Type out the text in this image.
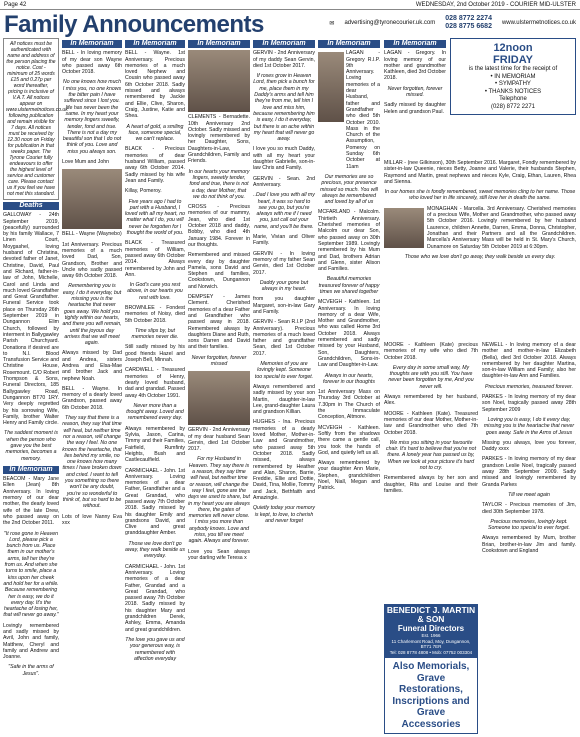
Page 42	WEDNESDAY, 2nd October 2019 - COURIER MID-ULSTER
Family Announcements	✉ advertising@tyronecourier.uk.com
028 8772 2274
028 8775 6682 www.ulstermetnotices.co.uk
All notices must be authenticated with name and address of the person placing the notice. Cost - minimum of 25 words £15 and 0.27p per word thereafter, pricing is inclusive of V.A.T. All notices appear on www.ulstermetnotices.co.uk following publication and remain visible for 7 days. All notices must be received by 12.30 noon on Friday for publication in that weeks paper. The Tyrone Courier fully endeavours to offer the highest level of service and customer care. Please contact us if you feel we have not met this standard.
Deaths
GALLOWAY - 24th September 2019, (peacefully) surrounded by his family Wallace, 7 Linen Court, Moygashel, loving husband of Christina, devoted father of Janet, Christine, David, Paul and Richard, father-in-law of John, Michelle, Carol and Linda and much loved Grandfather and Great Grandfather. Funeral Service took place on Thursday 26th September 2019 in Dungannon Elim Church, followed by interment in Ballygawley Parish Churchyard. Donations if desired are to N.I. Blood Transfusion Service and Christine House, Rosemount. C/O Robert Thompson & Sons, Funeral Directors, 185 Ballygawley Road, Dungannon BT70 1RY. Very deeply regretted by his sorrowing Wife, Family, brother Walter Henry and Family circle.
The saddest moment is when the person who gave you the best memories, becomes a memory.
In Memoriam
BEACOM - Mary Jane Ellen (Jean) 8th Anniversary. In loving memory of our dear mother, the dearly loved wife of the late Drew, who passed away on the 2nd October 2011.
"It rose gone in Heaven Lord, please pick a bunch from us. Place them in our mother's arms, tell her they're from us. And when she turns to smile, place a kiss upon her cheek and hold her for a while. Because remembering her is easy, we do it every day. It's the heartache of losing her, that will never go away."
Lovingly remembered and sadly missed by Avril, John and family, Matthew, Cheryl and family and Andrew and Joanne.
"Safe in the arms of Jesus".
In Memoriam
BELL - In loving memory of my dear son Wayne who passed away 6th October 2018.
No one knows how much I miss you, no one knows the bitter pain I have suffered since I lost you. life has never been the same. In my heart your memory lingers sweetly, tender, fond and true. There is not a day my beautiful son that I do not think of you. Love and miss you always son.
Love Mum and John
BELL - Wayne (Waynebo)
1st Anniversary. Precious memories of a much loved Dad, Son, Grandson, Brother and Uncle who sadly passed away 6th October 2018.
Remembering you is easy, I do it everyday, but missing you is the heartache that never goes away. We hold you tightly within our hearts, and there you will remain, until the joyous day arrives that we will meet again.
Always missed by Dad and Andrea, sisters Andrea and Elsa-Mae and brother Jack and nephew Noah.
BELL - Wayne. In memory of a dearly loved Grandson, passed away 6th October 2018.
They say that there is a reason, they say that time will heal, but neither time nor a reason, will change the way I feel. No one knows the heartache, that lies behind my smile, no one knows how many times I have broken down and cried. I want to tell you something so there won't be any doubt, you're so wonderful to think of, but so hard to be without.
Lots of love Nanny Eva xxx
In Memoriam
BELL - Wayne. 1st Anniversary. Precious memories of a much loved Nephew and Cousin who passed away 6th October 2018. Sadly missed and always remembered by Jackie and Ellie, Clive, Sharon, Craig, Justine, Katie and Shea.
A heart of gold, a smiling face, someone special, we can't replace.
BLACK - Precious memories of dear husband William, passed away 6th October 2014. Sadly missed by his wife Jean and Family.
Killay, Pomeroy.
Five years ago I had to part with a Husband, I loved with all my heart, no matter what I do, you will never be forgotten for I thought the world of you.
BLACK - Treasured memories of William, passed away 6th October 2014. Always remembered by John and Ann.
In God's care you rest above, in our hearts you rest with love.
BROWNLEE - Fondest memories of Noisy, died 5th October 2018.
Time slips by, but memories never die.
Still sadly missed by his good friends Hazel and Joseph Bell, Minnah.
CARDWELL - Treasured memories of Henry, dearly loved husband, dad and grandad. Passed away 4th October 1991.
Never more than a thought away. Loved and remembered every day.
Always remembered by Sylvia, Jason, Carina, Timmy and their Families, Fairfield, Rumfinty Heights, Bush and Castlecaulfield.
CARMICHAEL - John. 1st Anniversary. Loving memories of a dear Father, Grandfather and a Great Grandad, who passed away 7th October 2018. Sadly missed by his daughter Emily and grandsons David, and Clive and great granddaughter Amber.
Those we love don't go away, they walk beside us everyday.
CARMICHAEL - John. 1st Anniversary. Loving memories of a dear Father, Grandad and a Great Grandad, who passed away 7th October 2018. Sadly missed by his daughter Mary and grandchildren Derek, Ashley, Emma, Amanda and great grandchildren.
The love you gave us and your generous way, is remembered with affection everyday
In Memoriam
CLEMENTS - Bernadette. 10th Anniversary 2nd October. Sadly missed and lovingly remembered by her Daughter, Sons, Daughters-in-Law, Grandchildren, Family and Friends.
In our hearts your memory lingers, sweetly tender, fond and true, there is not a day, dear Mother, that we do not think of you.
CROSS - Precious memories of our mammy, Jean, who died 1st October 2018 and daddy, Bobby, who died 4th January 1984. Forever in our thoughts.
Remembered and missed every day by daughter Pamela, sons David and Stephen and families, Cookstown, Dungannon and Norwich.
DEMPSEY - James Clement. Cherished memories of a dear Father and Grandfather who passed away in 2018. Remembered always by daughters Diane and Ruth, sons Darren and David and their families.
Never forgotten, forever missed
GERVIN - 2nd Anniversary of my dear husband Sean Gervin, died 1st October 2017.
For my Husband in Heaven. They say there is a reason, they say time will heal, but neither time or reason, will change the way I feel, gone are the days we used to share, but in my heart you are always there, the gates of memories will never close. I miss you more than anybody knows. Love and miss, you till we meet again. Always and forever.
Love you Sean always your darling wife Teresa x
In Memoriam
GERVIN - 2nd Anniversary of my daddy Sean Gervin, died 1st October 2017.
If roses grow in Heaven Lord, then pick a bunch for me, place them in my Daddy's arms and tell him they're from me, tell him I love and miss him, because remembering him is easy, I do it everyday, but there is an ache within my heart that will never go away.
I love you so much Daddy, with all my heart your daughter Gabrielle, son-in-law Chris and Family.
GERVIN - Sean. 2nd Anniversary.
..Dad I love you with all my heart, it was so hard to see you go, but you're always with me if I need you, just call out your name, and you'll be there.
Marie, Vivian and Oliver Family.
GERVIN - In loving memory of my father Sean Gervin, died 1st October 2017.
Daddy your gone but always in my heart.
from you daughter Margaret, son-in-law Gary and Family.
GERVIN - Sean R.I.P (2nd Anniversary). Precious memories of a much loved father and grandfather Sean, died 1st October 2017.
Memories of you are lovingly kept. Someone too special to ever forget.
Always remembered and sadly missed by your son Martin, daughter-in-law Lee, grand-daughter Laura and grandson Killian.
HUGHES - Ina. Precious memories of a dearly loved Mother, Mother-in-Law and Grandmother, who passed away 5th October 2018. Sadly missed, always remembered by Heather and Alan, Sharon, Barrie, Freddie, Ellie and Dottie, David, Tina, Mollie, Tommy and Jack, Bethfaith and Amazingle.
Quietly today your memory is kept, to love, to cherish and never forget
In Memoriam
LAGAN - Gregory R.I.P. 9th Anniversary. Loving memories of a dear Husband, father and Grandfather who died 5th October 2010. Mass in the Church of the Assumption, Pomeroy on Sunday 6th October at 11am
Our memories are so precious, your presence missed so much. You will always be remembered and loved by all of us
MCFARLAND - Malcolm. Thirtieth Anniversary. Cherished memories of Malcolm our dear Son, who passed away on 30th September 1989. Lovingly remembered by his Mum and Dad, brothers Adrian and Glenn, sister Alison and Families.
Beautiful memories treasured forever of happy times we shared together
MCVEIGH - Kathleen. 1st Anniversary. In loving memory of a dear Wife, Mother and Grandmother, who was called Home 3rd October 2018. Always remembered and sadly missed by your Husband, Son, Daughters, Grandchildren, Sons-in-Law and Daughter-in-Law.
Always in our hearts, forever in our thoughts
1st Anniversary Mass on Thursday 3rd October at 7.30pm in The Church of the Immaculate Conception, Altmore.
MCVEIGH - Kathleen. Softly from the shadows there came a gentle call, you took the hands of God, and quietly left us all.
Always remembered by your daughter Ann Marie, Stephen, grandchildren Noel, Niall, Megan and Patrick.
In Memoriam
LAGAN - Gregory. In loving memory of our mother and grandmother Kathleen, died 3rd October 2018.
Never forgotten, forever missed.
Sadly missed by daughter Helen and grandson Paul.
12noon
FRIDAY
is the latest time for the receipt of
• IN MEMORIAM
• SYMPATHY
• THANKS NOTICES
Telephone
(028) 8772 2271
MILLAR - (nee Gilkinson), 30th September 2016. Margaret, Fondly remembered by sister-in-law Queenie, nieces Betty, Joanne and Valerie, their husbands Stephen, Raymond and Martin, great nephews and nieces Kyle, Craig, Ethan, Lauren, Rhea and Sienna.
In our homes she is fondly remembered, sweet memories cling to her name. Those who loved her in life sincerely, still love her in death the same.
MONAGHAN - Marcella. 3rd Anniversary. Cherished memories of a precious Wife, Mother and Grandmother, who passed away 5th October 2016. Lovingly remembered by her husband Laurence, children Annette, Darren, Emma, Donna, Christopher, Jonathan and their Partners and all the Grandchildren. Marcella's Anniversary Mass will be held in St. Mary's Church, Dunamore on Saturday 5th October 2019 at 6:30pm.
Those who we love don't go away, they walk beside us every day.
MOORE - Kathleen (Kate) precious memories of my wife who died 7th October 2018.
Every day in some small way, My thoughts are with you still. You have never been forgotten by me, And you never will.
Always remembered by her husband, Alex.
MOORE - Kathleen (Kate). Treasured memories of our dear Mother, Mother-in-law and Grandmother who died 7th October 2018.
We miss you sitting in your favourite chair. It's hard to believe that you're not there. A lonely year has passed us by, When we look at your picture it's hard not to cry.
Remembered always by her son and daughter, Rita and Louise and their families.
NEWELL - In loving memory of a dear mother and mother-in-law Elizabeth (Bella), died 3rd October 2018. Always remembered by her daughter Martina, son-in-law William and Family; also her daughter-in-law Ann and Families.
Precious memories, treasured forever.
PARKES - In loving memory of my dear son Noel, tragically passed away 28th September 2009
Loving you is easy, I do it every day, missing you is the heartache that never goes away. Safe in the Arms of Jesus
Missing you always, love you forever, Daddy xxxx
PARKES - In loving memory of my dear grandson Leslie Noel, tragically passed away 28th September 2009. Sadly missed and lovingly remembered by Granda Parkes
Till we meet again
TAYLOR - Precious memories of Jim, died 30th September 1978.
Precious memories, lovingly kept. Someone too special to ever forget.
Always remembered by Mum, brother Brian, brother-in-law Jim and family. Cookstown and England
BENEDICT J. MARTIN & SON
Funeral Directors
Est. 1966
11 Charlemont Road, Moy, Dungannon, BT71 7ER
Tel: 028 8778 4808 • Mob: 07752 003304
Also Memorials, Grave Restorations, Inscriptions and Grave Accessories
